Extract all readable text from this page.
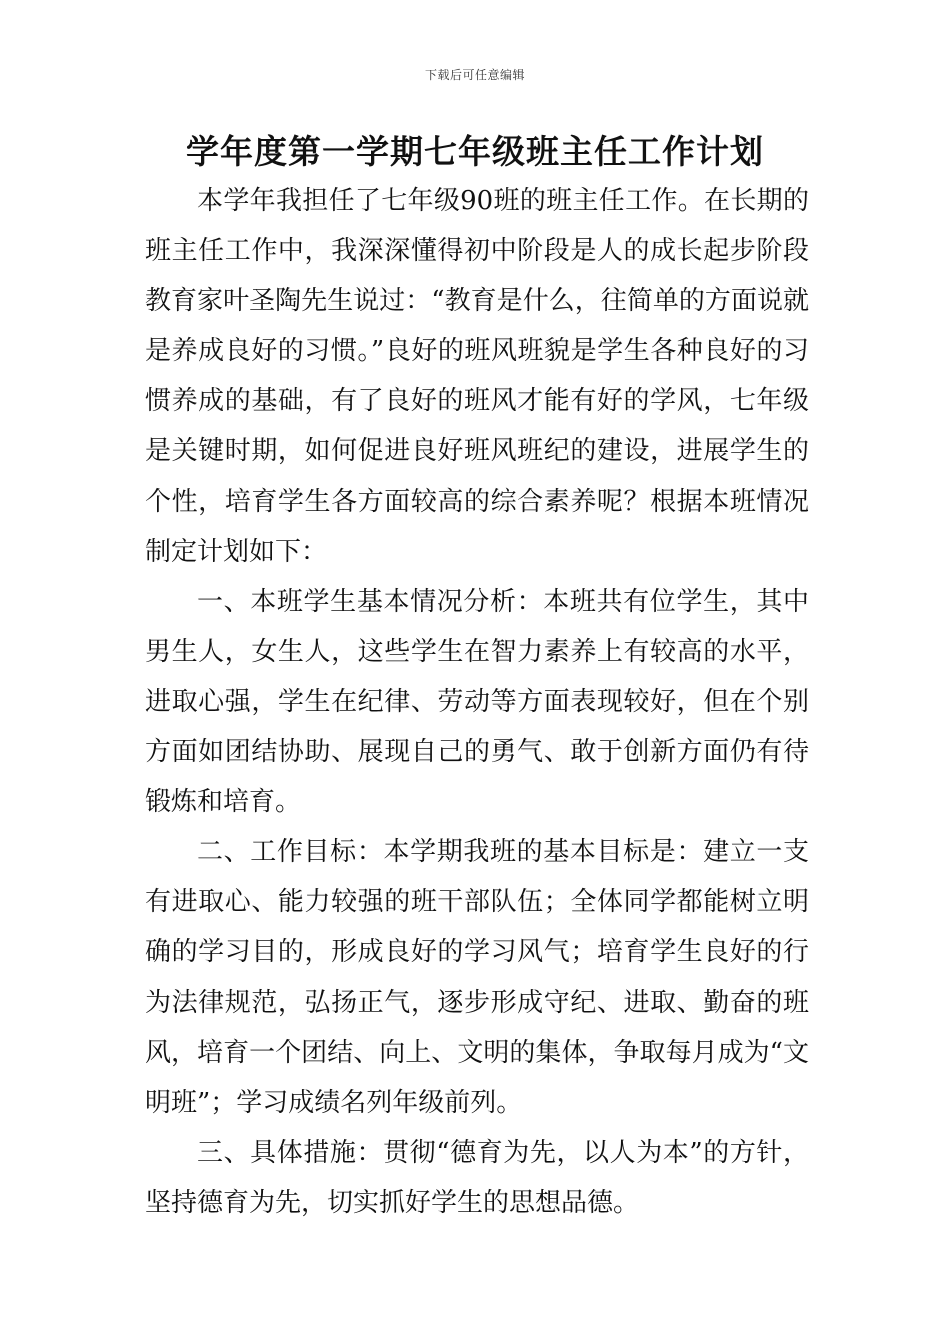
下载后可任意编辑
学年度第一学期七年级班主任工作计划

本学年我担任了七年级90班的班主任工作。在长期的班主任工作中，我深深懂得初中阶段是人的成长起步阶段教育家叶圣陶先生说过：“教育是什么，往简单的方面说就是养成良好的习惯。”良好的班风班貌是学生各种良好的习惯养成的基础，有了良好的班风才能有好的学风，七年级是关键时期，如何促进良好班风班纪的建设，进展学生的个性，培育学生各方面较高的综合素养呢？根据本班情况制定计划如下：

一、本班学生基本情况分析：本班共有位学生，其中男生人，女生人，这些学生在智力素养上有较高的水平，进取心强，学生在纪律、劳动等方面表现较好，但在个别方面如团结协助、展现自己的勇气、敢于创新方面仍有待锻炼和培育。

二、工作目标：本学期我班的基本目标是：建立一支有进取心、能力较强的班干部队伍；全体同学都能树立明确的学习目的，形成良好的学习风气；培育学生良好的行为法律规范，弘扬正气，逐步形成守纪、进取、勤奋的班风，培育一个团结、向上、文明的集体，争取每月成为“文明班”；学习成绩名列年级前列。

三、具体措施：贯彻“德育为先，以人为本”的方针，坚持德育为先，切实抓好学生的思想品德。
